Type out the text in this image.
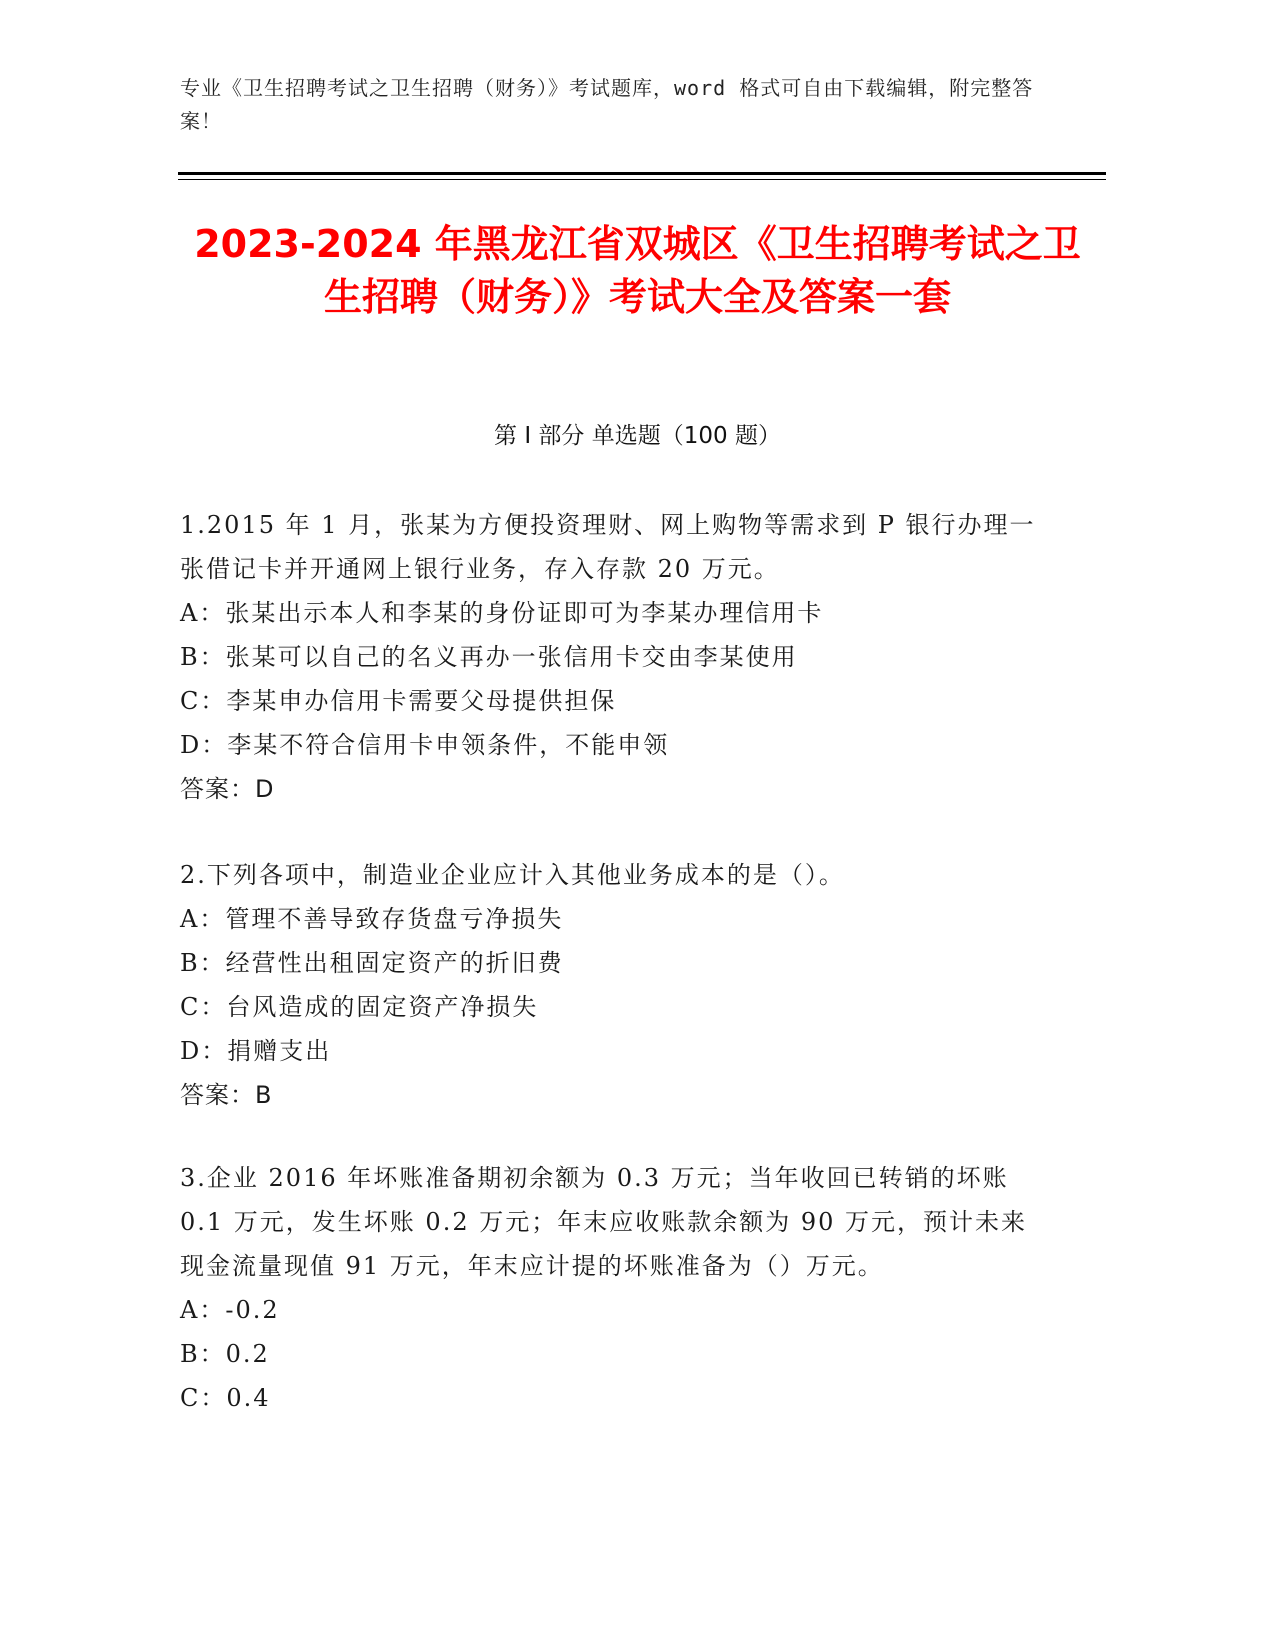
专业《卫生招聘考试之卫生招聘（财务）》考试题库，word 格式可自由下载编辑，附完整答案！
2023-2024 年黑龙江省双城区《卫生招聘考试之卫生招聘（财务）》考试大全及答案一套
第 I 部分 单选题（100 题）
1.2015 年 1 月，张某为方便投资理财、网上购物等需求到 P 银行办理一张借记卡并开通网上银行业务，存入存款 20 万元。
A：张某出示本人和李某的身份证即可为李某办理信用卡
B：张某可以自己的名义再办一张信用卡交由李某使用
C：李某申办信用卡需要父母提供担保
D：李某不符合信用卡申领条件，不能申领
答案：D
2.下列各项中，制造业企业应计入其他业务成本的是（）。
A：管理不善导致存货盘亏净损失
B：经营性出租固定资产的折旧费
C：台风造成的固定资产净损失
D：捐赠支出
答案：B
3.企业 2016 年坏账准备期初余额为 0.3 万元；当年收回已转销的坏账 0.1 万元，发生坏账 0.2 万元；年末应收账款余额为 90 万元，预计未来现金流量现值 91 万元，年末应计提的坏账准备为（）万元。
A：-0.2
B：0.2
C：0.4
